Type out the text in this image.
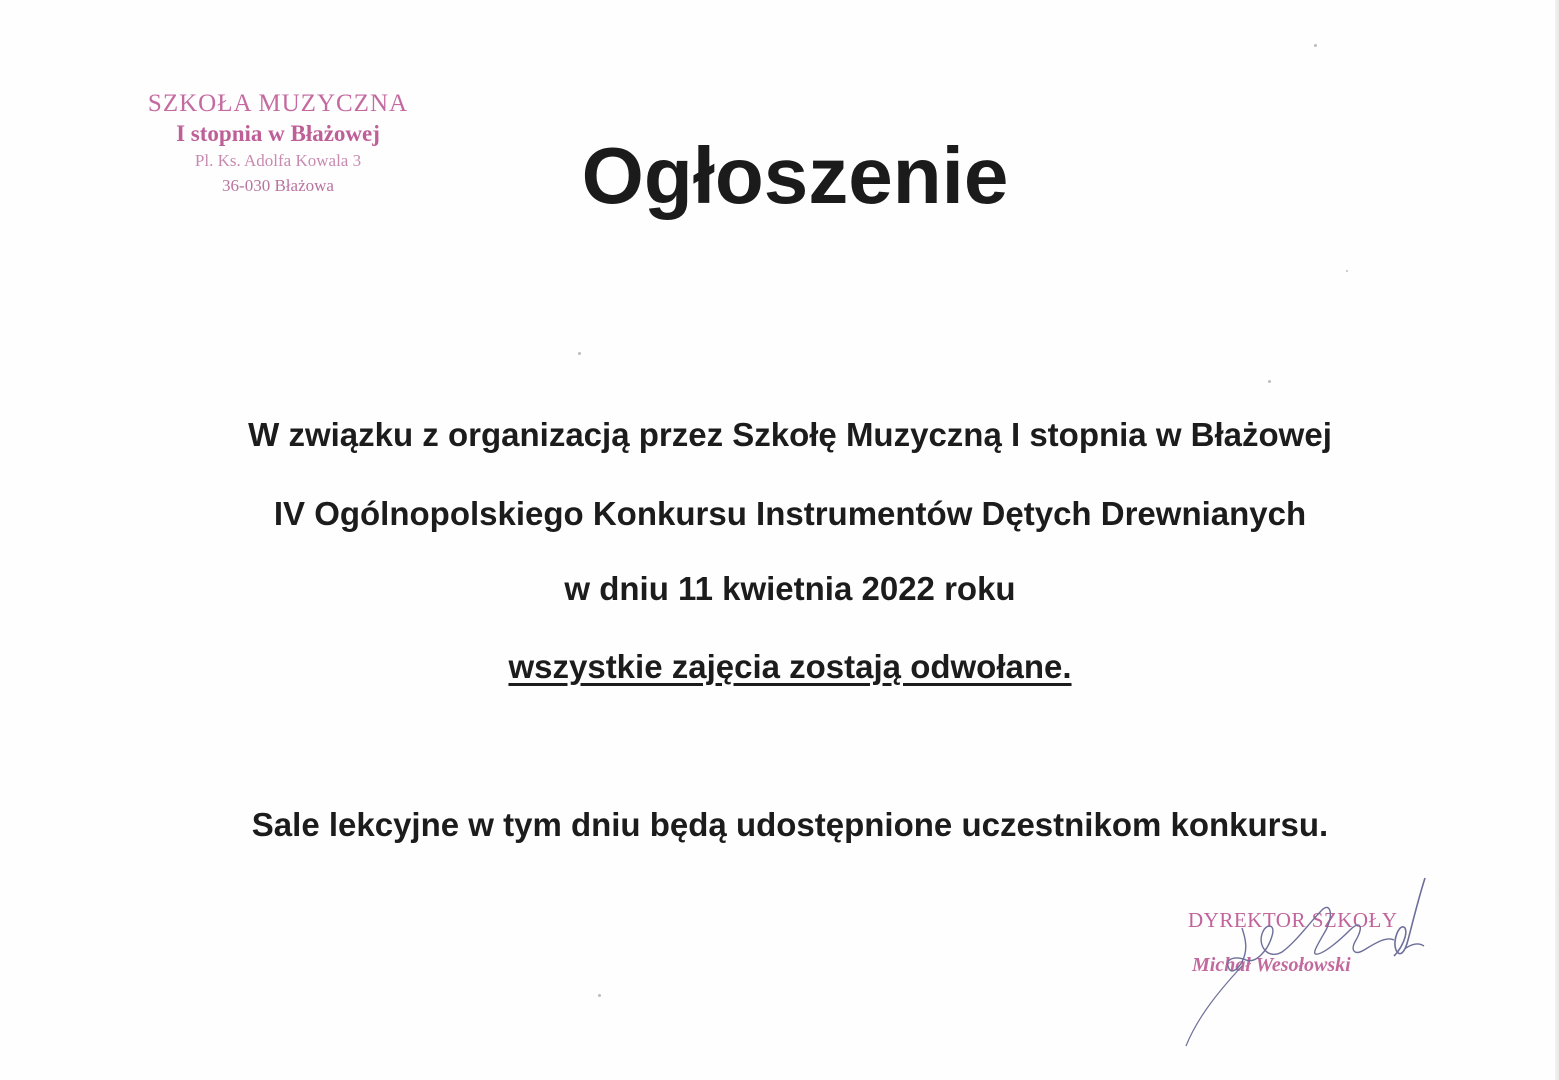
SZKOŁA MUZYCZNA
I stopnia w Błażowej
Pl. Ks. Adolfa Kowala 3
36-030 Błażowa	Ogłoszenie
W związku z organizacją przez Szkołę Muzyczną I stopnia w Błażowej
IV Ogólnopolskiego Konkursu Instrumentów Dętych Drewnianych
w dniu 11 kwietnia 2022 roku
wszystkie zajęcia zostają odwołane.
Sale lekcyjne w tym dniu będą udostępnione uczestnikom konkursu.
DYREKTOR SZKOŁY
Michał Wesołowski
